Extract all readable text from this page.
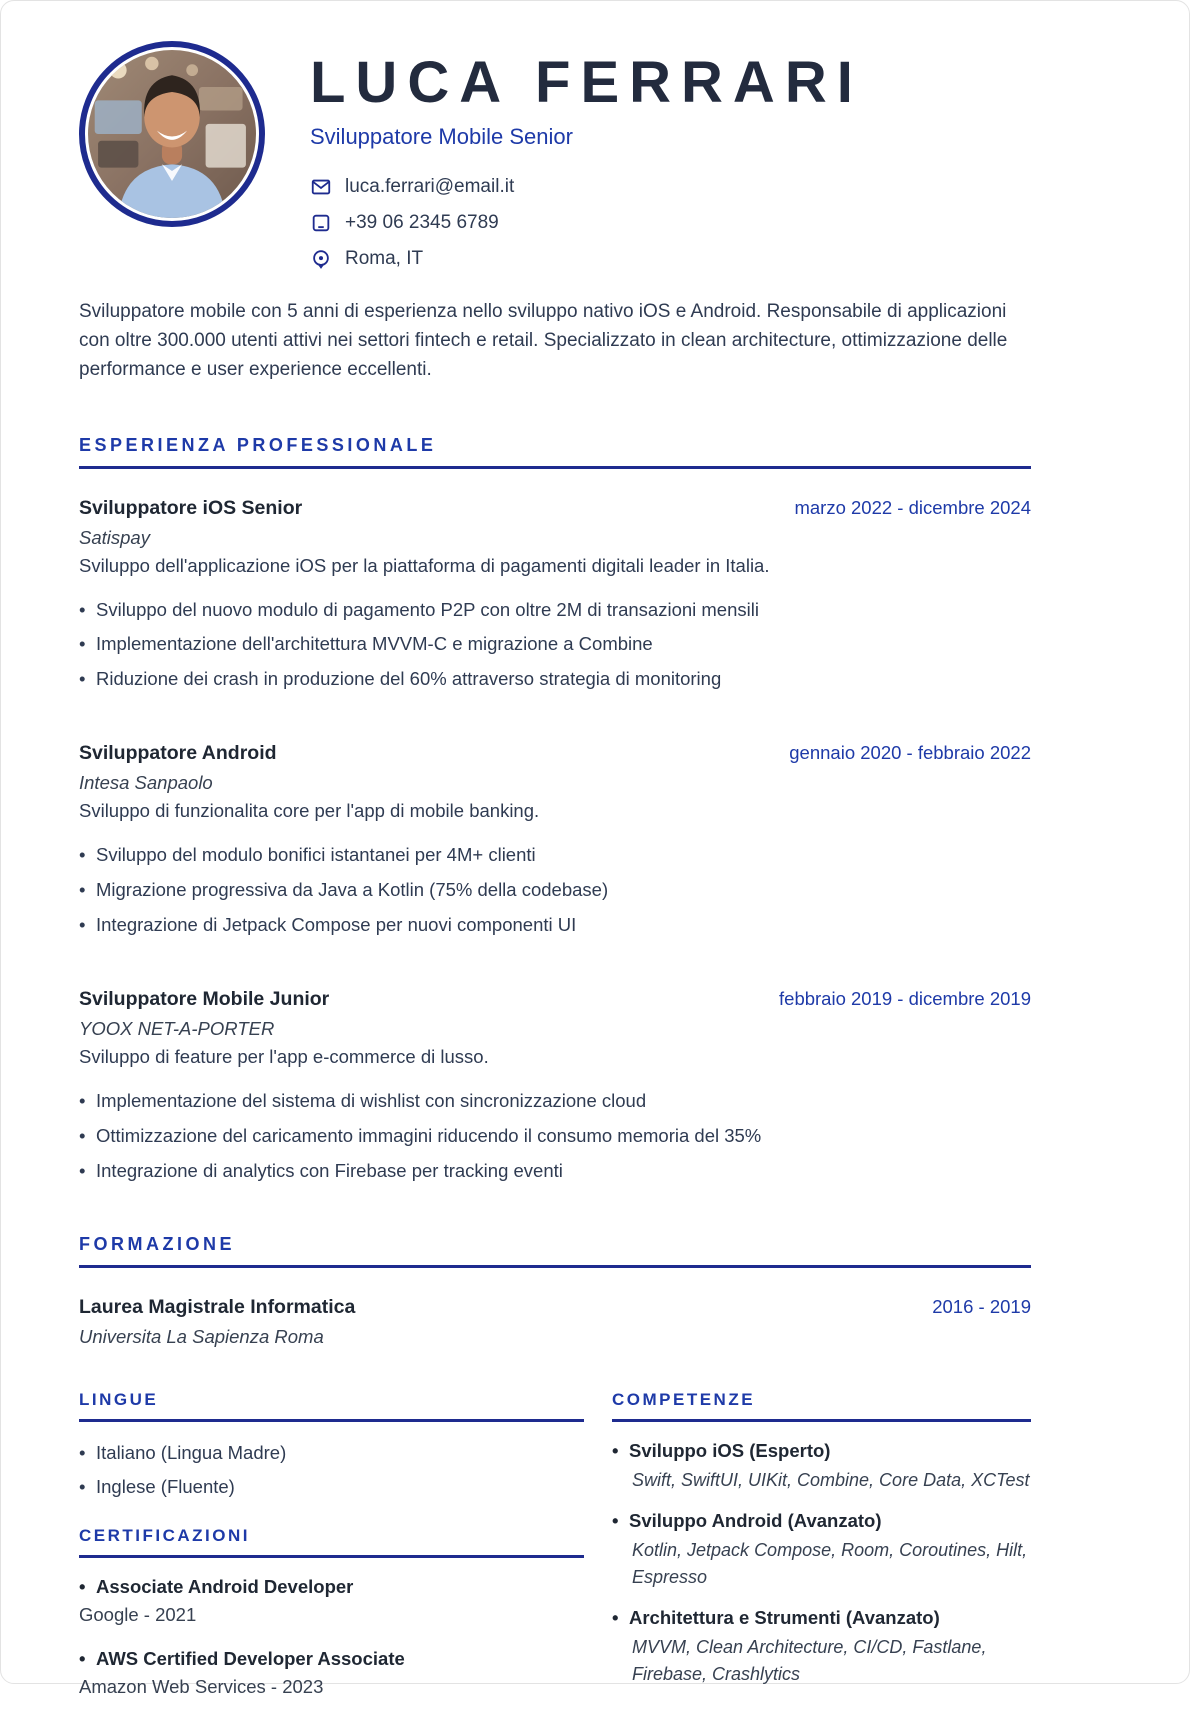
LUCA FERRARI
Sviluppatore Mobile Senior
luca.ferrari@email.it
+39 06 2345 6789
Roma, IT

Sviluppatore mobile con 5 anni di esperienza nello sviluppo nativo iOS e Android. Responsabile di applicazioni con oltre 300.000 utenti attivi nei settori fintech e retail. Specializzato in clean architecture, ottimizzazione delle performance e user experience eccellenti.

ESPERIENZA PROFESSIONALE
Sviluppatore iOS Senior	marzo 2022 - dicembre 2024
Satispay
Sviluppo dell'applicazione iOS per la piattaforma di pagamenti digitali leader in Italia.
• Sviluppo del nuovo modulo di pagamento P2P con oltre 2M di transazioni mensili
• Implementazione dell'architettura MVVM-C e migrazione a Combine
• Riduzione dei crash in produzione del 60% attraverso strategia di monitoring
Sviluppatore Android	gennaio 2020 - febbraio 2022
Intesa Sanpaolo
Sviluppo di funzionalita core per l'app di mobile banking.
• Sviluppo del modulo bonifici istantanei per 4M+ clienti
• Migrazione progressiva da Java a Kotlin (75% della codebase)
• Integrazione di Jetpack Compose per nuovi componenti UI
Sviluppatore Mobile Junior	febbraio 2019 - dicembre 2019
YOOX NET-A-PORTER
Sviluppo di feature per l'app e-commerce di lusso.
• Implementazione del sistema di wishlist con sincronizzazione cloud
• Ottimizzazione del caricamento immagini riducendo il consumo memoria del 35%
• Integrazione di analytics con Firebase per tracking eventi
FORMAZIONE
Laurea Magistrale Informatica	2016 - 2019
Universita La Sapienza Roma
LINGUE
• Italiano (Lingua Madre)
• Inglese (Fluente)
CERTIFICAZIONI
• Associate Android Developer
Google - 2021
• AWS Certified Developer Associate
Amazon Web Services - 2023
COMPETENZE
• Sviluppo iOS (Esperto)
Swift, SwiftUI, UIKit, Combine, Core Data, XCTest
• Sviluppo Android (Avanzato)
Kotlin, Jetpack Compose, Room, Coroutines, Hilt, Espresso
• Architettura e Strumenti (Avanzato)
MVVM, Clean Architecture, CI/CD, Fastlane, Firebase, Crashlytics
